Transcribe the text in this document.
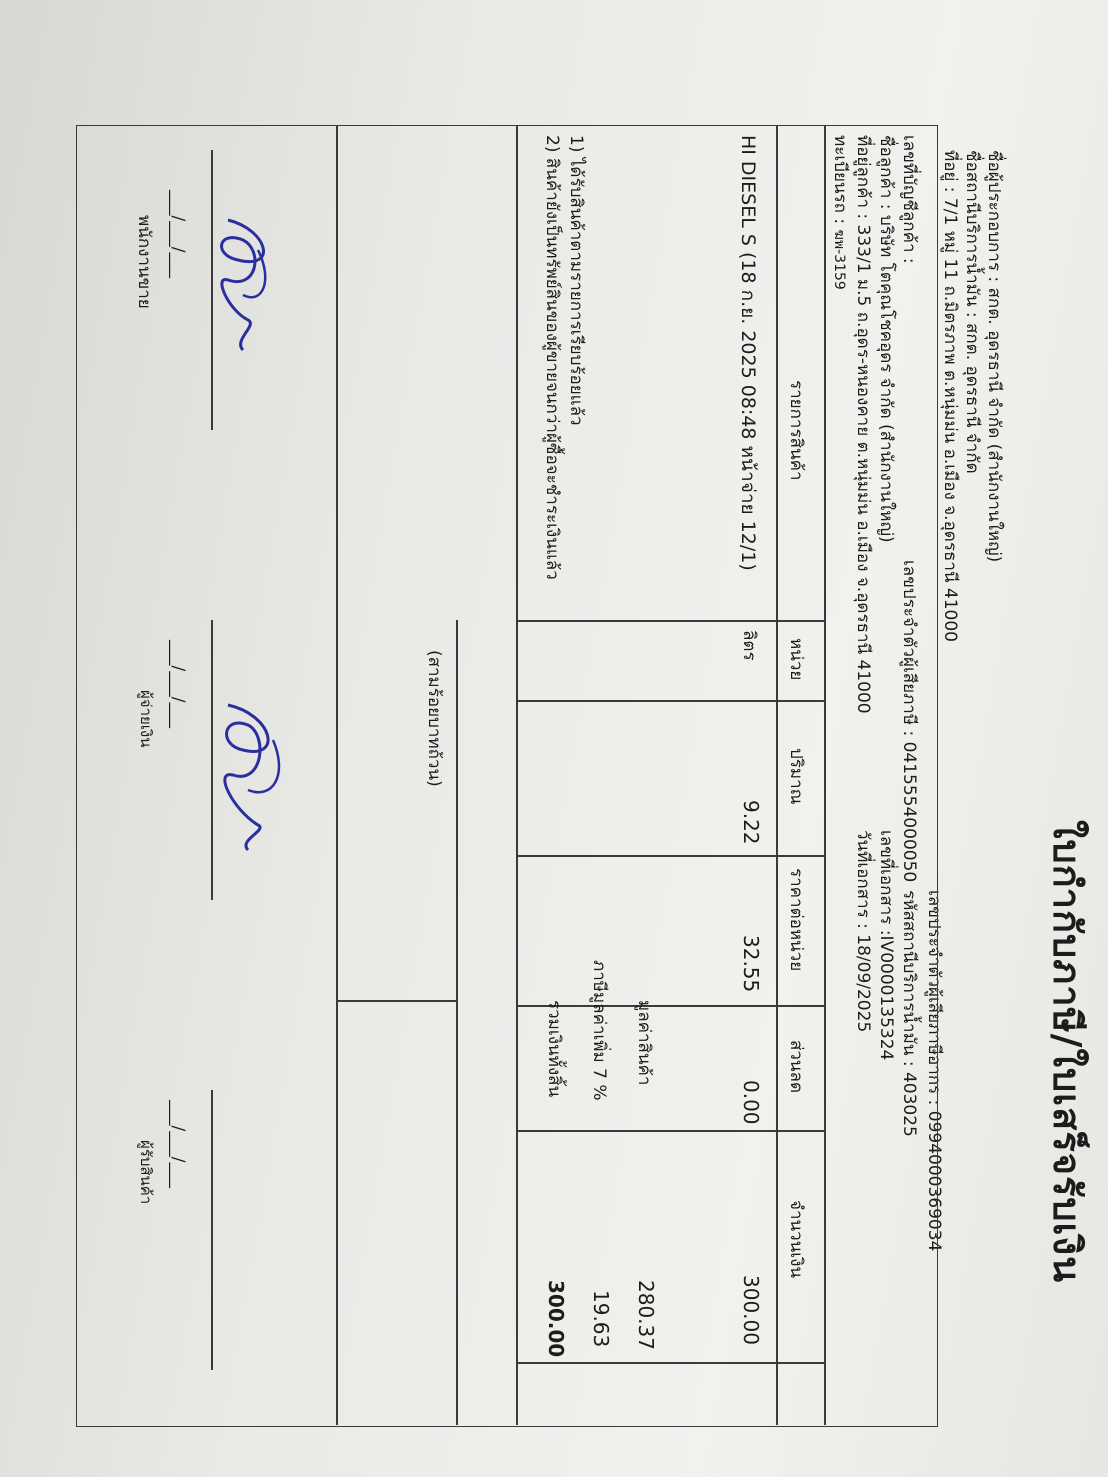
ใบกำกับภาษี/ใบเสร็จรับเงิน
เลขประจำตัวผู้เสียภาษีอากร : 0994000369034
รหัสสถานีบริการน้ำมัน : 403025
ชื่อผู้ประกอบการ : สกต. อุดรธานี จำกัด (สำนักงานใหญ่)
ชื่อสถานีบริการน้ำมัน : สกต. อุดรธานี จำกัด
ที่อยู่ : 7/1 หมู่ 11 ถ.มิตรภาพ ต.หนุ่มม่น อ.เมือง จ.อุดรธานี 41000
เลขที่บัญชีลูกค้า :
ชื่อลูกค้า : บริษัท โตคุณโชคอุดร จำกัด (สำนักงานใหญ่)
ที่อยู่ลูกค้า : 333/1 ม.5 ถ.อุดร-หนองคาย ต.หนุ่มม่น อ.เมือง จ.อุดรธานี 41000
ทะเบียนรถ : ฆพ-3159
เลขประจำตัวผู้เสียภาษี : 0415554000050
เลขที่เอกสาร :IV0000135324
วันที่เอกสาร : 18/09/2025
รายการสินค้า
หน่วย
ปริมาณ
ราคาต่อหน่วย
ส่วนลด
จำนวนเงิน
HI DIESEL S (18 ก.ย. 2025 08:48 หน้าจ่าย 12/1)
ลิตร
9.22
32.55
0.00
300.00
1) ได้รับสินค้าตามรายการเรียบร้อยแล้ว
2) สินค้ายังเป็นทรัพย์สินของผู้ขายจนกว่าผู้ซื้อจะชำระเงินแล้ว
มูลค่าสินค้า
280.37
ภาษีมูลค่าเพิ่ม 7 %
19.63
รวมเงินทั้งสิ้น
300.00
(สามร้อยบาทถ้วน)
___/___/___
พนักงานขาย
___/___/___
ผู้จ่ายเงิน
___/___/___
ผู้รับสินค้า
